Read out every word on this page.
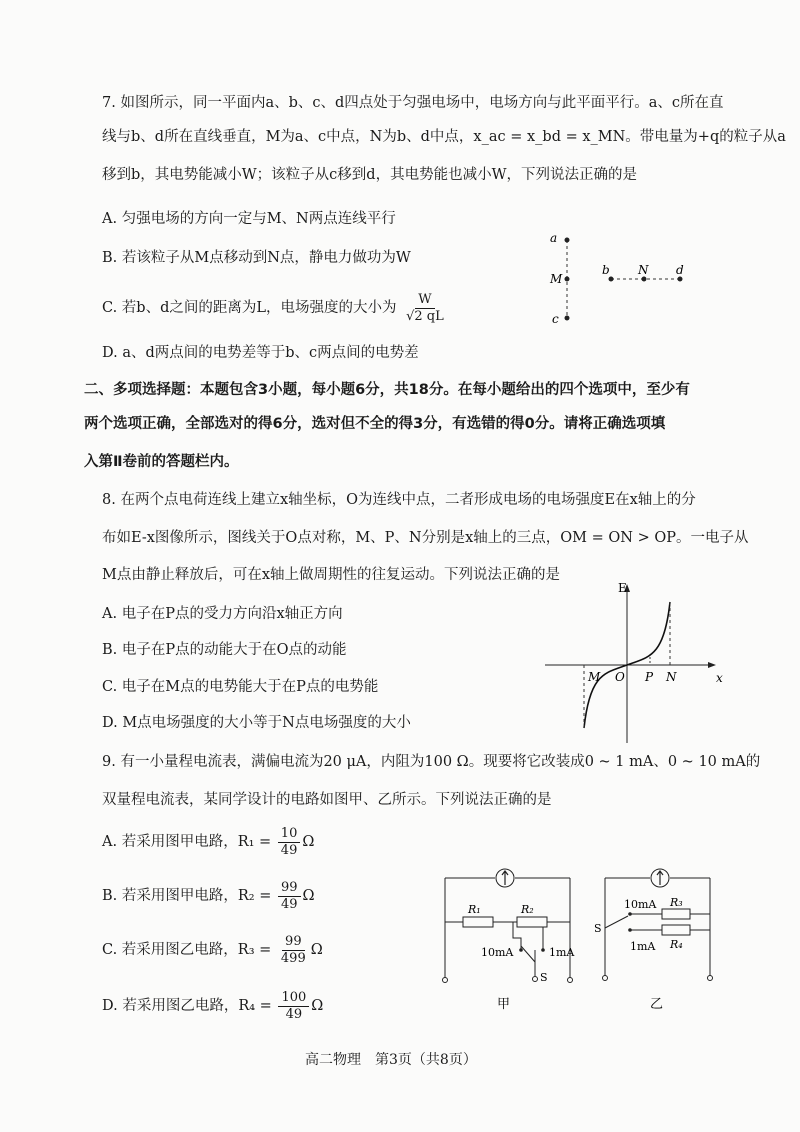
7. 如图所示，同一平面内a、b、c、d四点处于匀强电场中，电场方向与此平面平行。a、c所在直
线与b、d所在直线垂直，M为a、c中点，N为b、d中点，x_ac = x_bd = x_MN。带电量为+q的粒子从a
移到b，其电势能减小W；该粒子从c移到d，其电势能也减小W，下列说法正确的是
A. 匀强电场的方向一定与M、N两点连线平行
B. 若该粒子从M点移动到N点，静电力做功为W
C. 若b、d之间的距离为L，电场强度的大小为 $\frac{W}{√2 qL}$
D. a、d两点间的电势差等于b、c两点间的电势差
a
M
c
b N d
二、多项选择题：本题包含3小题，每小题6分，共18分。在每小题给出的四个选项中，至少有
两个选项正确，全部选对的得6分，选对但不全的得3分，有选错的得0分。请将正确选项填
入第Ⅱ卷前的答题栏内。
8. 在两个点电荷连线上建立x轴坐标，O为连线中点，二者形成电场的电场强度E在x轴上的分
布如E-x图像所示，图线关于O点对称，M、P、N分别是x轴上的三点，OM = ON > OP。一电子从
M点由静止释放后，可在x轴上做周期性的往复运动。下列说法正确的是
A. 电子在P点的受力方向沿x轴正方向
B. 电子在P点的动能大于在O点的动能
C. 电子在M点的电势能大于在P点的电势能
D. M点电场强度的大小等于N点电场强度的大小
E
x
M O P N
9. 有一小量程电流表，满偏电流为20 μA，内阻为100 Ω。现要将它改装成0 ~ 1 mA、0 ~ 10 mA的
双量程电流表，某同学设计的电路如图甲、乙所示。下列说法正确的是
A. 若采用图甲电路，$R_1 = \frac{10}{49}$ Ω
B. 若采用图甲电路，$R_2 = \frac{99}{49}$ Ω
C. 若采用图乙电路，$R_3 = \frac{99}{499}$ Ω
D. 若采用图乙电路，$R_4 = \frac{100}{49}$ Ω
R₁	R₂
10mA	1mA
S
甲
10mA
1mA
R₃
R₄
S
乙
高二物理　第3页（共8页）
